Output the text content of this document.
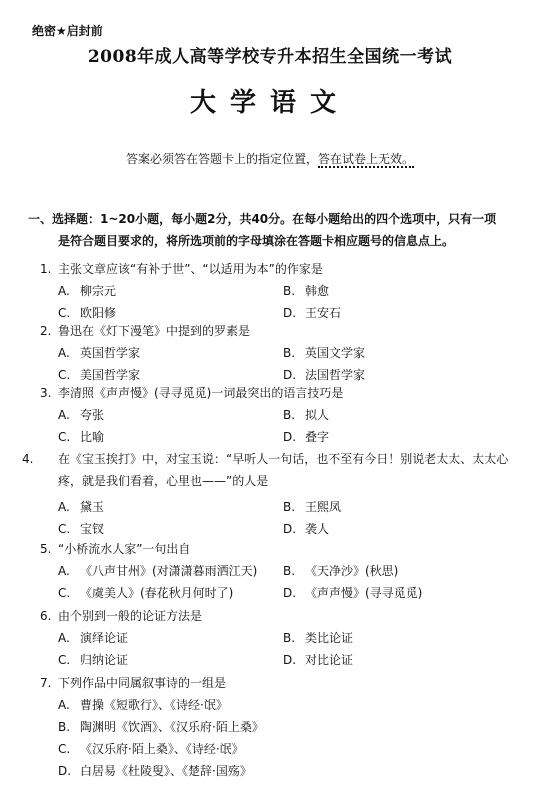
绝密★启封前
2008年成人高等学校专升本招生全国统一考试
大学语文
答案必须答在答题卡上的指定位置，答在试卷上无效。
一、选择题：1~20小题，每小题2分，共40分。在每小题给出的四个选项中，只有一项
是符合题目要求的，将所选项前的字母填涂在答题卡相应题号的信息点上。
1. 主张文章应该“有补于世”、“以适用为本”的作家是
A. 柳宗元	B. 韩愈
C. 欧阳修	D. 王安石
2. 鲁迅在《灯下漫笔》中提到的罗素是
A. 英国哲学家	B. 英国文学家
C. 美国哲学家	D. 法国哲学家
3. 李清照《声声慢》(寻寻觅觅)一词最突出的语言技巧是
A. 夸张	B. 拟人
C. 比喻	D. 叠字
4. 在《宝玉挨打》中，对宝玉说：“早听人一句话，也不至有今日！别说老太太、太太心疼，就是我们看着，心里也——”的人是
A. 黛玉	B. 王熙凤
C. 宝钗	D. 袭人
5. “小桥流水人家”一句出自
A. 《八声甘州》(对潇潇暮雨洒江天) B. 《天净沙》(秋思)
C. 《虞美人》(春花秋月何时了)	D. 《声声慢》(寻寻觅觅)
6. 由个别到一般的论证方法是
A. 演绎论证	B. 类比论证
C. 归纳论证	D. 对比论证
7. 下列作品中同属叙事诗的一组是
A. 曹操《短歌行》、《诗经·氓》
B. 陶渊明《饮酒》、《汉乐府·陌上桑》
C. 《汉乐府·陌上桑》、《诗经·氓》
D. 白居易《杜陵叟》、《楚辞·国殇》
